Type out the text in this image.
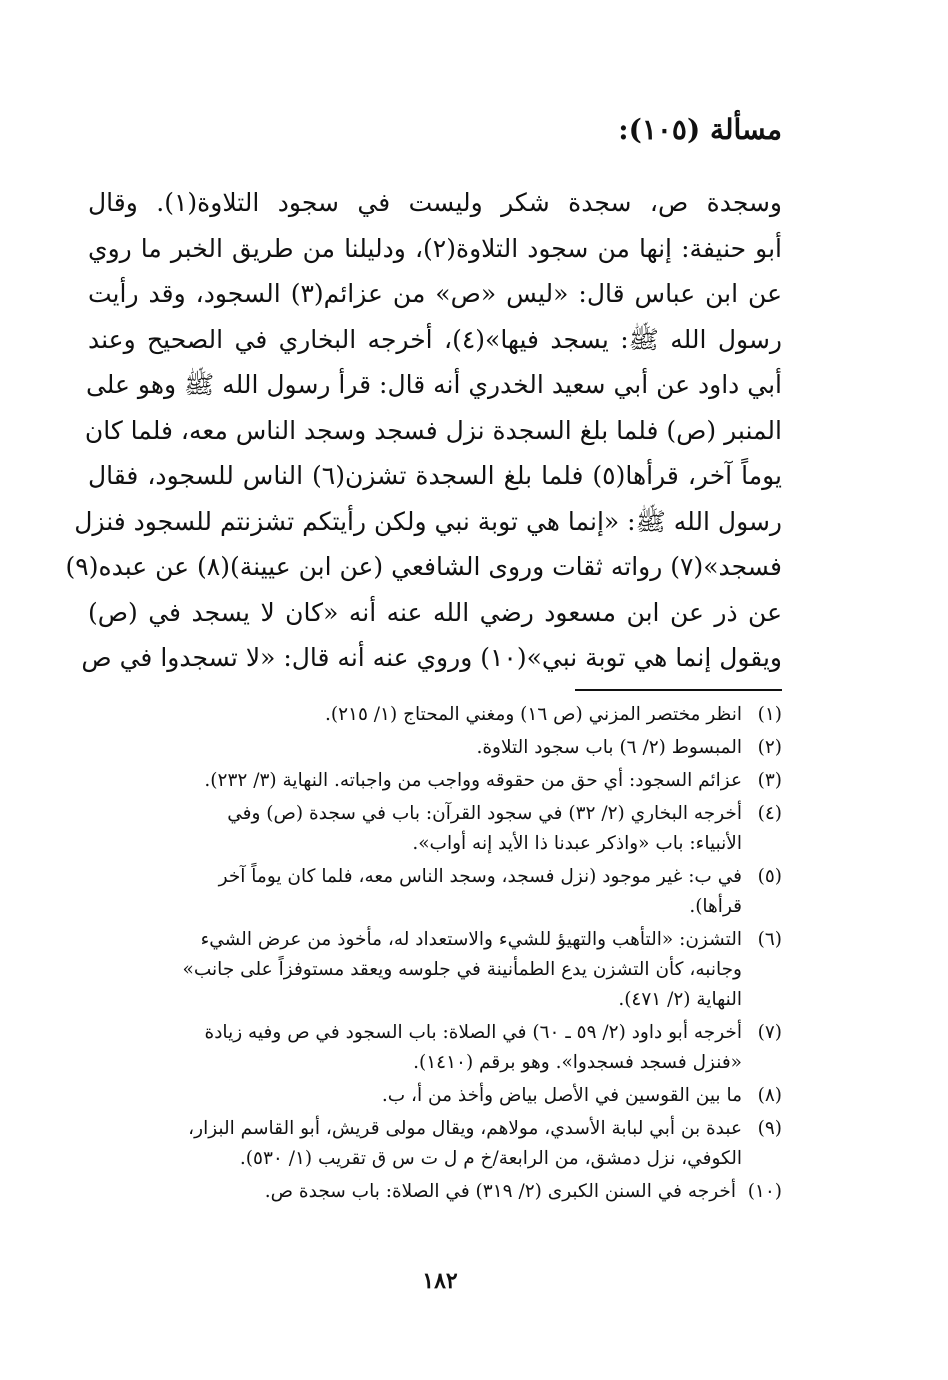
مسألة (١٠٥):
وسجدة ص، سجدة شكر وليست في سجود التلاوة(١). وقال
أبو حنيفة: إنها من سجود التلاوة(٢)، ودليلنا من طريق الخبر ما روي
عن ابن عباس قال: «ليس «ص» من عزائم(٣) السجود، وقد رأيت
رسول الله ﷺ: يسجد فيها»(٤)، أخرجه البخاري في الصحيح وعند
أبي داود عن أبي سعيد الخدري أنه قال: قرأ رسول الله ﷺ وهو على
المنبر (ص) فلما بلغ السجدة نزل فسجد وسجد الناس معه، فلما كان
يوماً آخر، قرأها(٥) فلما بلغ السجدة تشزن(٦) الناس للسجود، فقال
رسول الله ﷺ: «إنما هي توبة نبي ولكن رأيتكم تشزنتم للسجود فنزل
فسجد»(٧) رواته ثقات وروى الشافعي (عن ابن عيينة)(٨) عن عبده(٩)
عن ذر عن ابن مسعود رضي الله عنه أنه «كان لا يسجد في (ص)
ويقول إنما هي توبة نبي»(١٠) وروي عنه أنه قال: «لا تسجدوا في ص
(١)
انظر مختصر المزني (ص ١٦) ومغني المحتاج (١/ ٢١٥).
(٢)
المبسوط (٢/ ٦) باب سجود التلاوة.
(٣)
عزائم السجود: أي حق من حقوقه وواجب من واجباته. النهاية (٣/ ٢٣٢).
(٤)
أخرجه البخاري (٢/ ٣٢) في سجود القرآن: باب في سجدة (ص) وفي
الأنبياء: باب «واذكر عبدنا ذا الأيد إنه أواب».
(٥)
في ب: غير موجود (نزل فسجد، وسجد الناس معه، فلما كان يوماً آخر
قرأها).
(٦)
التشزن: «التأهب والتهيؤ للشيء والاستعداد له، مأخوذ من عرض الشيء
وجانبه، كأن التشزن يدع الطمأنينة في جلوسه ويعقد مستوفزاً على جانب»
النهاية (٢/ ٤٧١).
(٧)
أخرجه أبو داود (٢/ ٥٩ ـ ٦٠) في الصلاة: باب السجود في ص وفيه زيادة
«فنزل فسجد فسجدوا». وهو برقم (١٤١٠).
(٨)
ما بين القوسين في الأصل بياض وأخذ من أ، ب.
(٩)
عبدة بن أبي لبابة الأسدي، مولاهم، ويقال مولى قريش، أبو القاسم البزار،
الكوفي، نزل دمشق، من الرابعة/خ م ل ت س ق تقريب (١/ ٥٣٠).
(١٠)
أخرجه في السنن الكبرى (٢/ ٣١٩) في الصلاة: باب سجدة ص.
١٨٢
